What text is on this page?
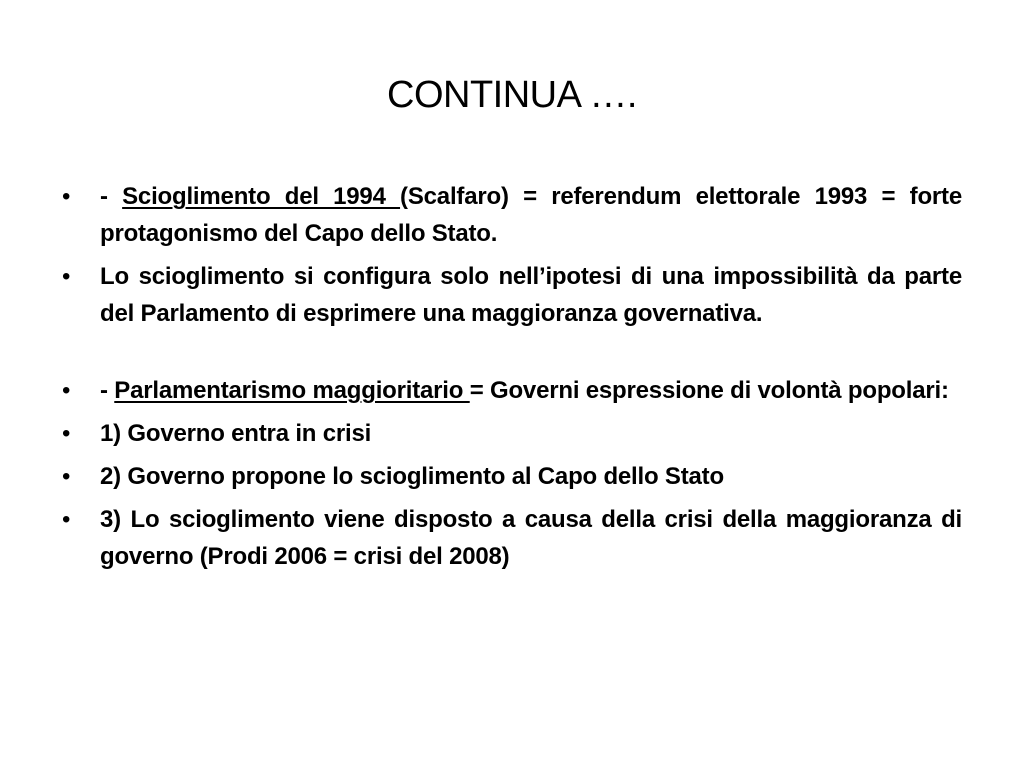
CONTINUA ….
• - Scioglimento del 1994 (Scalfaro) = referendum elettorale 1993 = forte protagonismo del Capo dello Stato.
• Lo scioglimento si configura solo nell’ipotesi di una impossibilità da parte del Parlamento di esprimere una maggioranza governativa.
• - Parlamentarismo maggioritario = Governi espressione di volontà popolari:
• 1) Governo entra in crisi
• 2) Governo propone lo scioglimento al Capo dello Stato
• 3) Lo scioglimento viene disposto a causa della crisi della maggioranza di governo (Prodi 2006 = crisi del 2008)
